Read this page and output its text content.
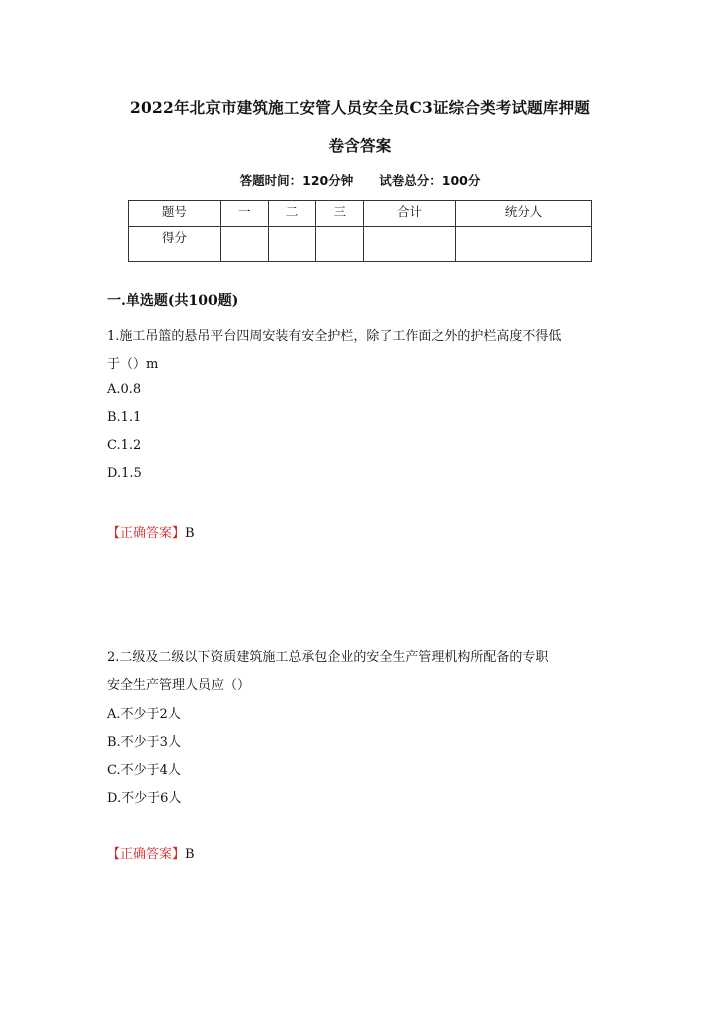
2022年北京市建筑施工安管人员安全员C3证综合类考试题库押题
卷含答案
答题时间：120分钟 试卷总分：100分
题号	一	二	三	合计	统分人
得分					
一.单选题(共100题)
1.施工吊篮的悬吊平台四周安装有安全护栏，除了工作面之外的护栏高度不得低
于（）m
A.0.8
B.1.1
C.1.2
D.1.5
【正确答案】B
2.二级及二级以下资质建筑施工总承包企业的安全生产管理机构所配备的专职
安全生产管理人员应（）
A.不少于2人
B.不少于3人
C.不少于4人
D.不少于6人
【正确答案】B
